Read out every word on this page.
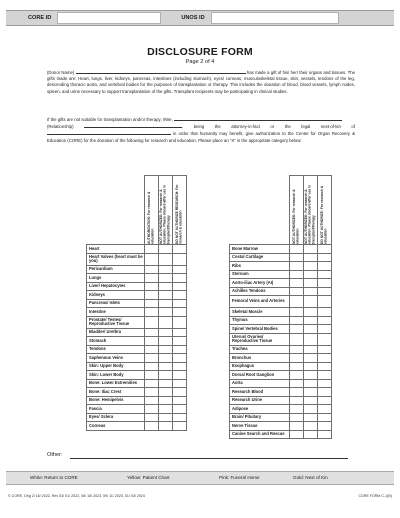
CORE ID	UNOS ID
DISCLOSURE FORM
Page 2 of 4
(Donor Name)	has made a gift of his/ her/ their organs and tissues. The gifts made are: Heart, lungs, liver, kidneys, pancreas, intestines (including stomach), eyes/ corneas, musculoskeletal tissue, skin, vessels, tendons of the leg, descending thoracic aorta, and vertebral bodies for the purposes of transplantation or therapy. This includes the donation of blood, blood vessels, lymph nodes, spleen, and urine necessary to support transplantation of the gifts. Transplant recipients may be participating in clinical studies.
If the gifts are not suitable for transplantation and/or therapy, I/We,
(Relationship)	, being the attorney-in-fact or the legal next-of-kin of  in order that humanity may benefit, give authorization to the Center for Organ Recovery & Education (CORE) for the donation of the following for research and education. Please place an “X” in the appropriate category below:

	AUTHORIZATION: For research & education	NOT AUTHORIZED: For research & education. Please discard after use in transplant/therapy	DO NOT AUTHORIZE RESEARCH: For research & education

Heart			
Heart Valves (heart must be you)			
Pericardium			
Lungs			
Liver/ Hepatocytes			
Kidneys			
Pancreas/ Islets			
Intestine			
Prostate/ Testes/ Reproductive Tissue			
Bladder/ Urethra			
Stomach			
Tendons			
Saphenous Veins			
Skin: Upper Body			
Skin: Lower Body			
Bone: Lower Extremities			
Bone: Iliac Crest			
Bone: Hemipelvis			
Fascia			
Eyes/ Sclera			
Corneas			

	NOT AUTHORIZED: For research & education	NOT AUTHORIZED: For research & education. Please discard after use in transplant/therapy	DO NOT AUTHORIZE: For research & education

Bone Marrow			
Costal Cartilage			
Ribs			
Sternum			
Aorto-iliac Artery (AI)			
Achilles Tendons			
Femoral Veins and Arteries			
Skeletal Muscle			
Thymus			
Spine/ Vertebral Bodies			
Uterus/ Ovaries/ Reproductive Tissue			
Trachea			
Bronchus			
Esophagus			
Dorsal Root Ganglion			
Aorta			
Research Blood			
Research Urine			
Adipose			
Brain/ Pituitary			
Nerve Tissue			
Canine Search and Rescue			
Other:
White: Return to CORE	Yellow: Patient Chart	Pink: Funeral Home	Gold: Next of Kin
© CORE, Orig 2/ 16/ 2022, Rev 03/ 01/ 2022, 06/ 15/ 2023, 09/ 11/ 2023, 01/ 03/ 2024	CORE FORM C-1(B)
